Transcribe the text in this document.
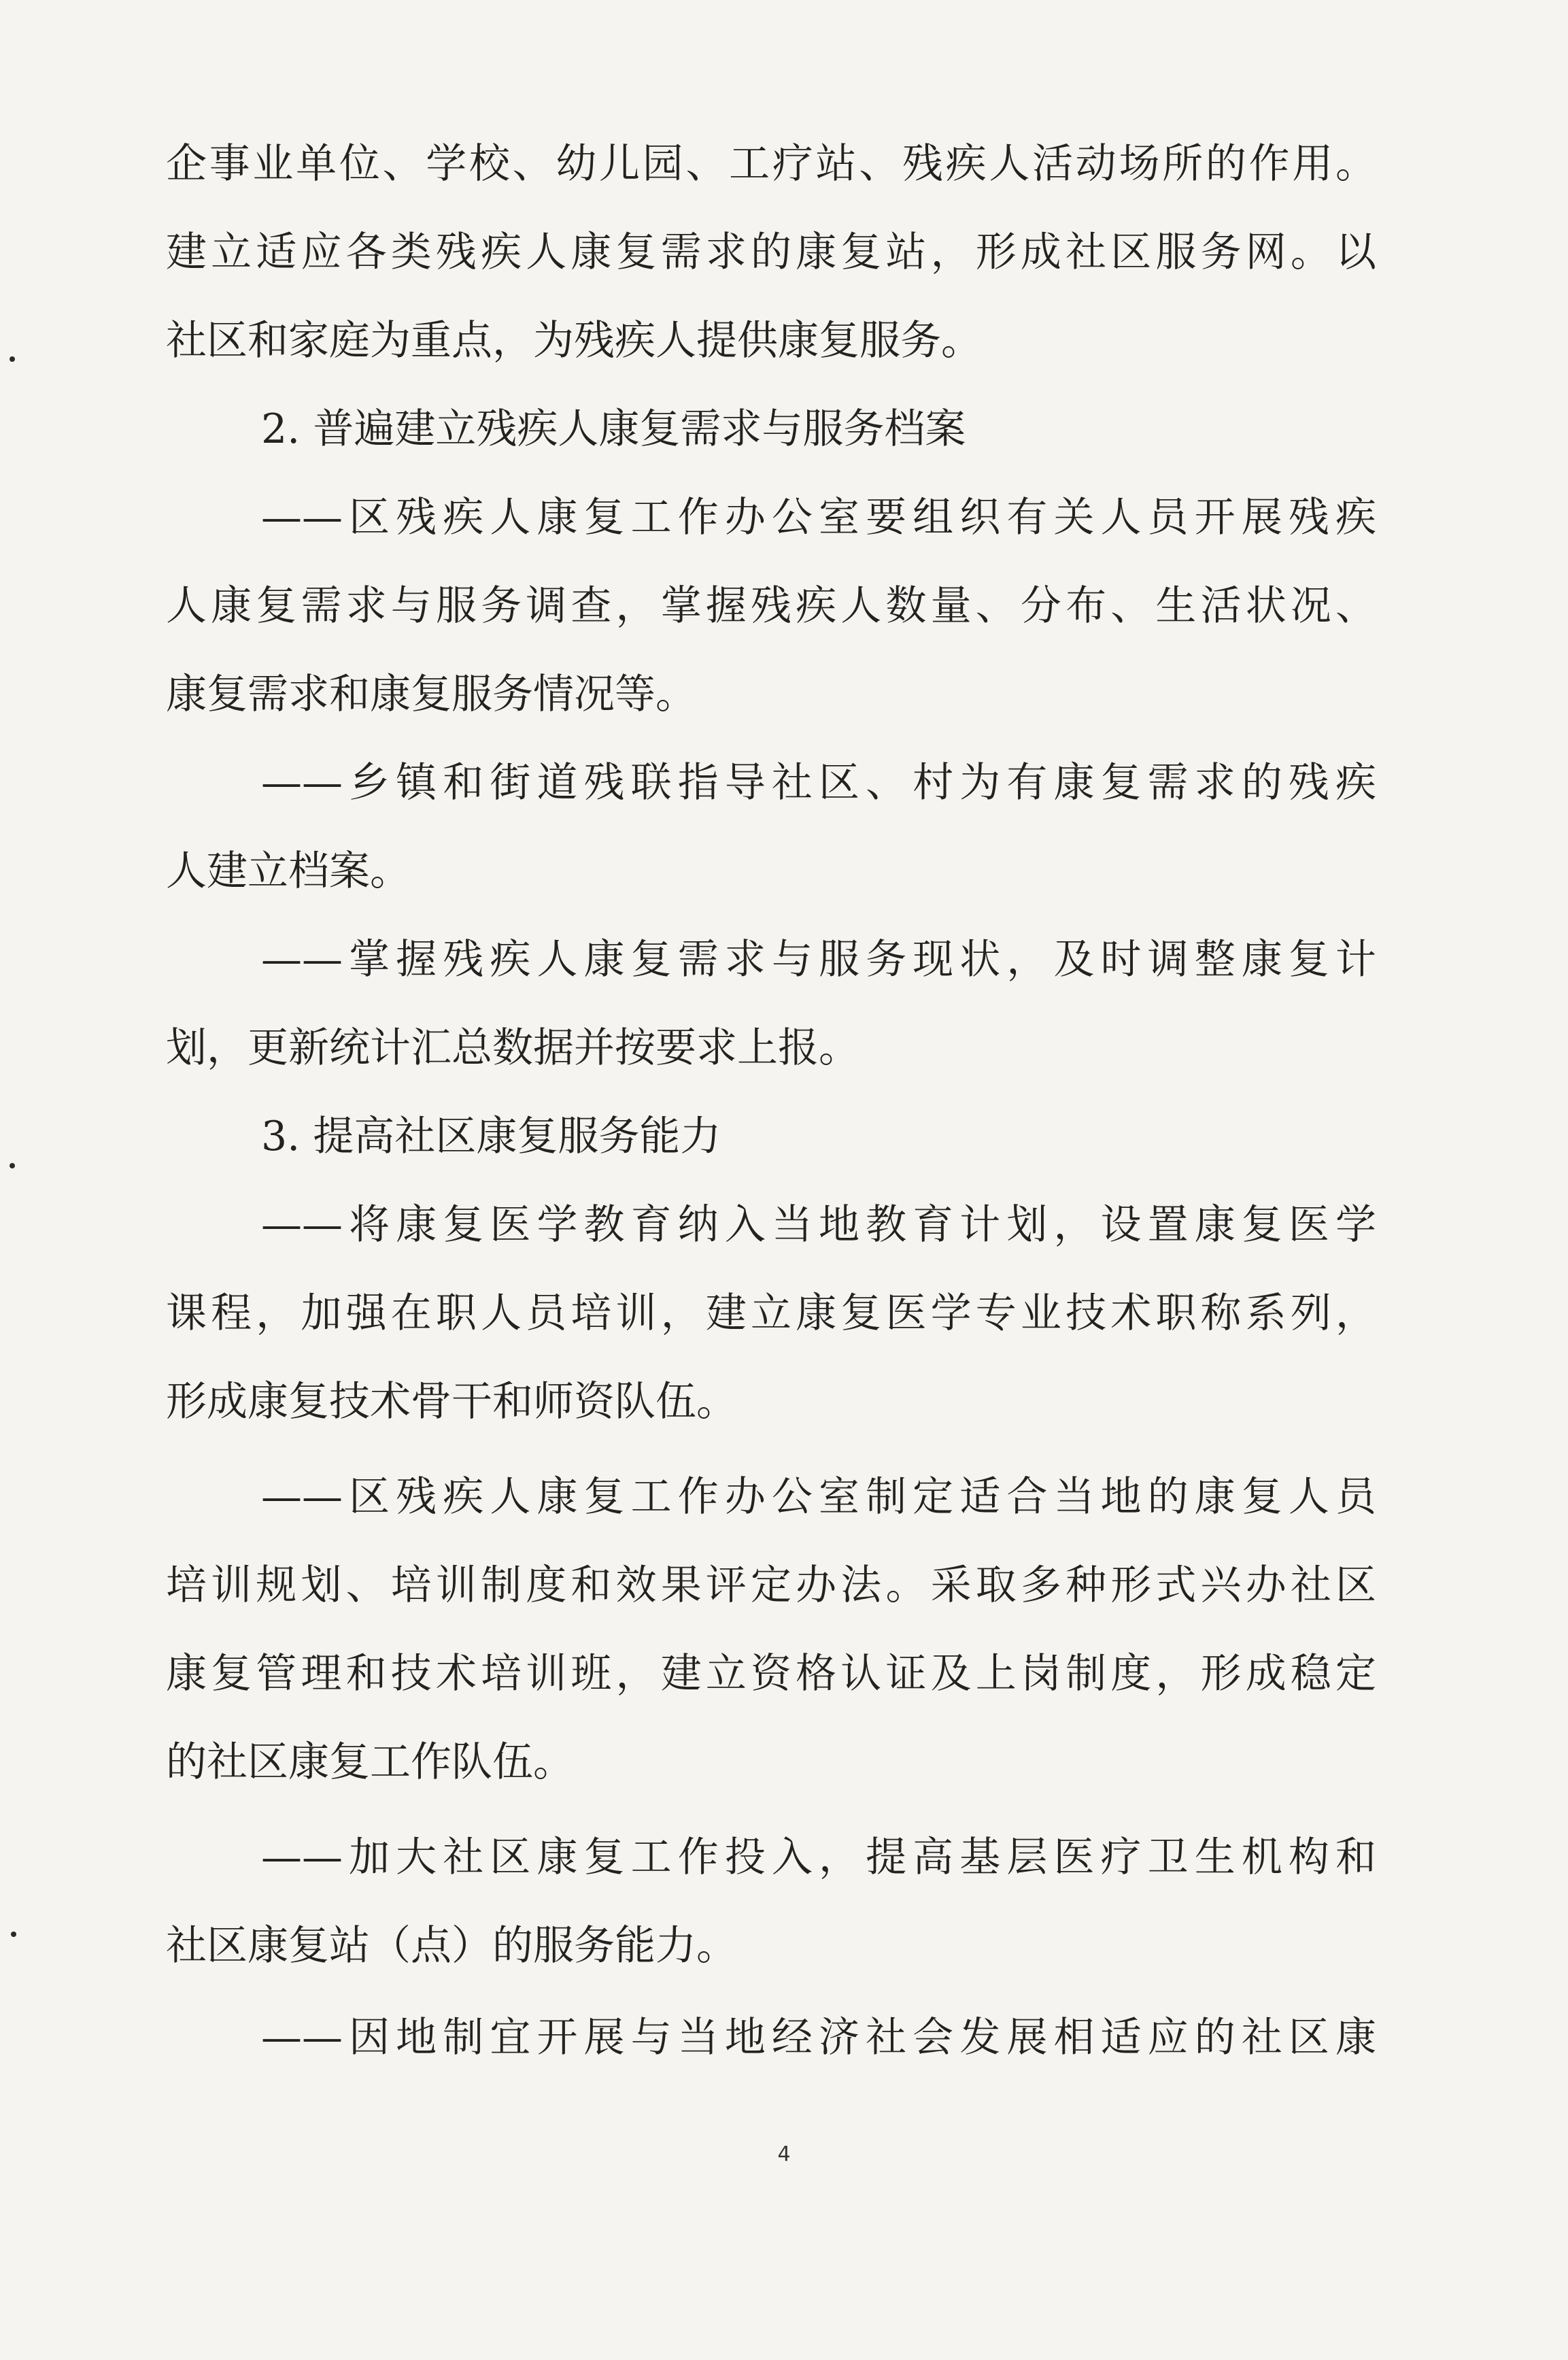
企事业单位、学校、幼儿园、工疗站、残疾人活动场所的作用。
建立适应各类残疾人康复需求的康复站，形成社区服务网。以
社区和家庭为重点，为残疾人提供康复服务。
2. 普遍建立残疾人康复需求与服务档案
——区残疾人康复工作办公室要组织有关人员开展残疾
人康复需求与服务调查，掌握残疾人数量、分布、生活状况、
康复需求和康复服务情况等。
——乡镇和街道残联指导社区、村为有康复需求的残疾
人建立档案。
——掌握残疾人康复需求与服务现状，及时调整康复计
划，更新统计汇总数据并按要求上报。
3. 提高社区康复服务能力
——将康复医学教育纳入当地教育计划，设置康复医学
课程，加强在职人员培训，建立康复医学专业技术职称系列，
形成康复技术骨干和师资队伍。
——区残疾人康复工作办公室制定适合当地的康复人员
培训规划、培训制度和效果评定办法。采取多种形式兴办社区
康复管理和技术培训班，建立资格认证及上岗制度，形成稳定
的社区康复工作队伍。
——加大社区康复工作投入，提高基层医疗卫生机构和
社区康复站（点）的服务能力。
——因地制宜开展与当地经济社会发展相适应的社区康
4
